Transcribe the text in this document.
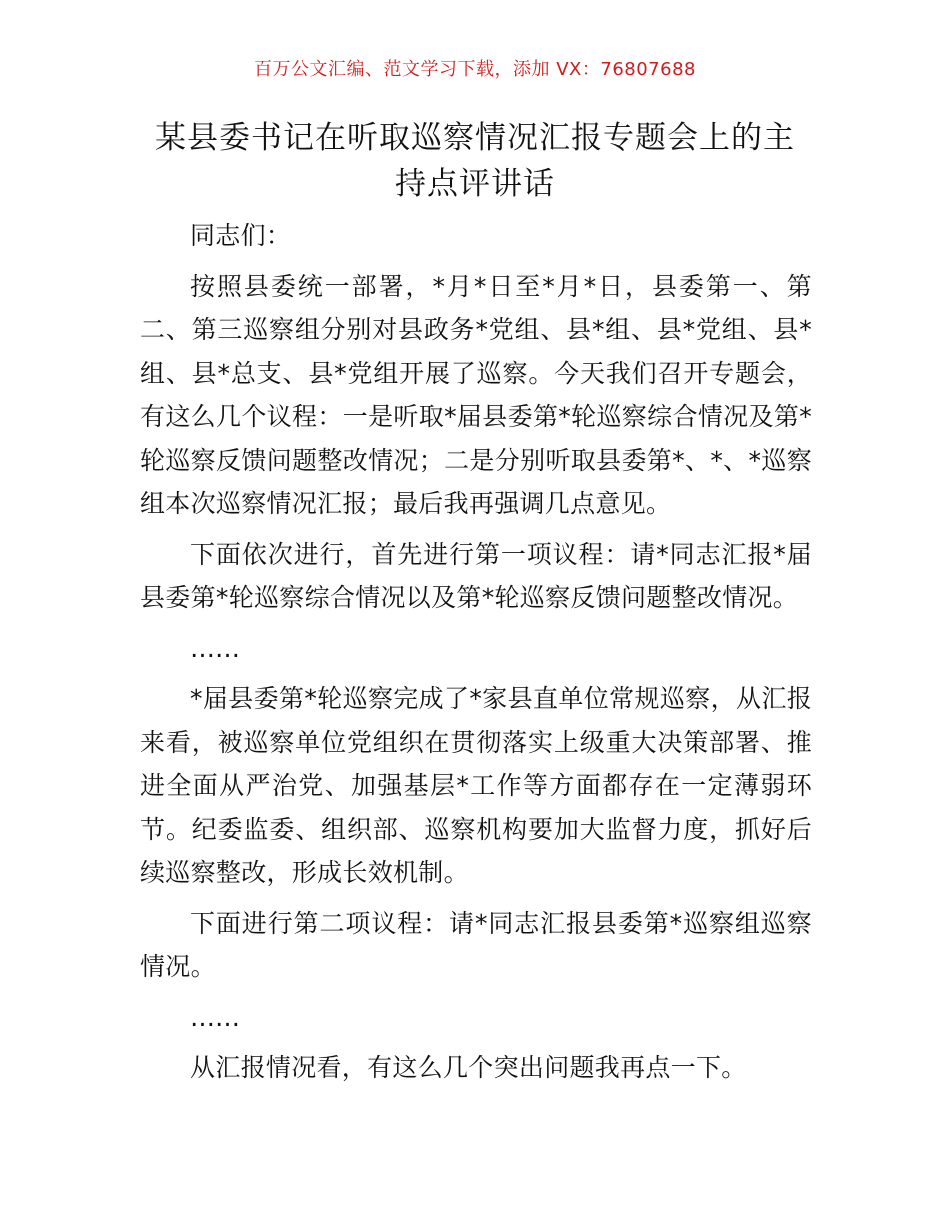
百万公文汇编、范文学习下载，添加 VX：76807688
某县委书记在听取巡察情况汇报专题会上的主持点评讲话

同志们：

按照县委统一部署，*月*日至*月*日，县委第一、第二、第三巡察组分别对县政务*党组、县*组、县*党组、县*组、县*总支、县*党组开展了巡察。今天我们召开专题会，有这么几个议程：一是听取*届县委第*轮巡察综合情况及第*轮巡察反馈问题整改情况；二是分别听取县委第*、*、*巡察组本次巡察情况汇报；最后我再强调几点意见。

下面依次进行，首先进行第一项议程：请*同志汇报*届县委第*轮巡察综合情况以及第*轮巡察反馈问题整改情况。

……

*届县委第*轮巡察完成了*家县直单位常规巡察，从汇报来看，被巡察单位党组织在贯彻落实上级重大决策部署、推进全面从严治党、加强基层*工作等方面都存在一定薄弱环节。纪委监委、组织部、巡察机构要加大监督力度，抓好后续巡察整改，形成长效机制。

下面进行第二项议程：请*同志汇报县委第*巡察组巡察情况。

……

从汇报情况看，有这么几个突出问题我再点一下。
